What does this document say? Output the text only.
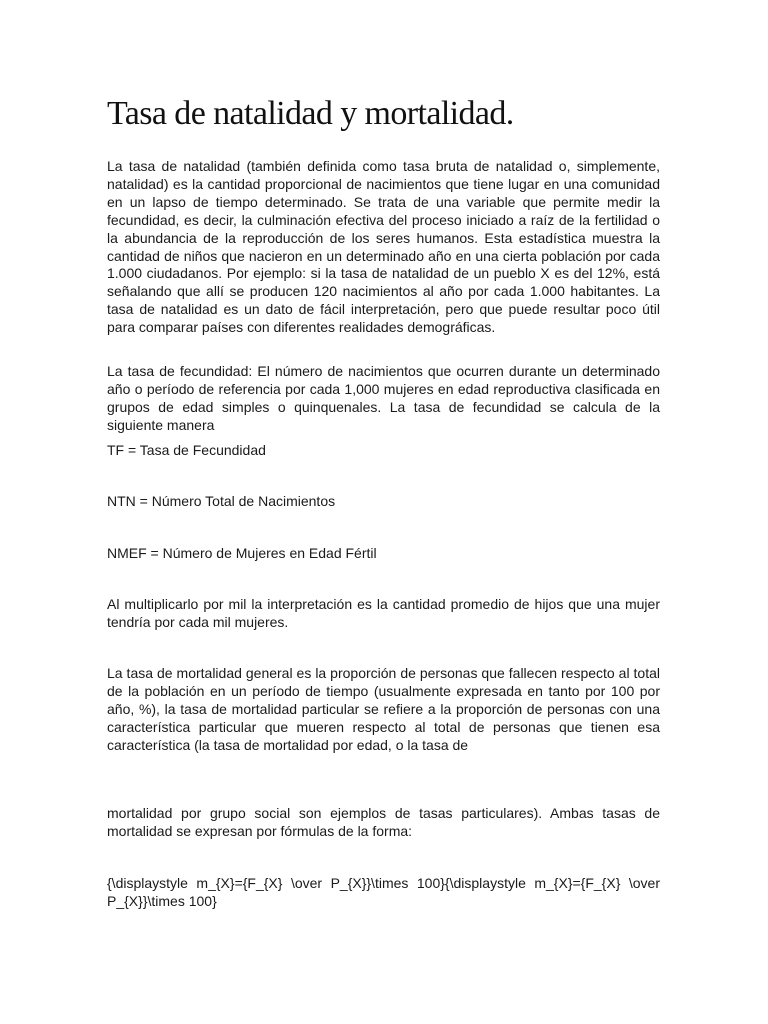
Tasa de natalidad y mortalidad.

La tasa de natalidad (también definida como tasa bruta de natalidad o, simplemente, natalidad) es la cantidad proporcional de nacimientos que tiene lugar en una comunidad en un lapso de tiempo determinado. Se trata de una variable que permite medir la fecundidad, es decir, la culminación efectiva del proceso iniciado a raíz de la fertilidad o la abundancia de la reproducción de los seres humanos. Esta estadística muestra la cantidad de niños que nacieron en un determinado año en una cierta población por cada 1.000 ciudadanos. Por ejemplo: si la tasa de natalidad de un pueblo X es del 12%, está señalando que allí se producen 120 nacimientos al año por cada 1.000 habitantes. La tasa de natalidad es un dato de fácil interpretación, pero que puede resultar poco útil para comparar países con diferentes realidades demográficas.

La tasa de fecundidad: El número de nacimientos que ocurren durante un determinado año o período de referencia por cada 1,000 mujeres en edad reproductiva clasificada en grupos de edad simples o quinquenales. La tasa de fecundidad se calcula de la siguiente manera

TF = Tasa de Fecundidad

NTN = Número Total de Nacimientos

NMEF = Número de Mujeres en Edad Fértil

Al multiplicarlo por mil la interpretación es la cantidad promedio de hijos que una mujer tendría por cada mil mujeres.

La tasa de mortalidad general es la proporción de personas que fallecen respecto al total de la población en un período de tiempo (usualmente expresada en tanto por 100 por año, %), la tasa de mortalidad particular se refiere a la proporción de personas con una característica particular que mueren respecto al total de personas que tienen esa característica (la tasa de mortalidad por edad, o la tasa de

mortalidad por grupo social son ejemplos de tasas particulares). Ambas tasas de mortalidad se expresan por fórmulas de la forma:

{\displaystyle m_{X}={F_{X} \over P_{X}}\times 100}{\displaystyle m_{X}={F_{X} \over P_{X}}\times 100}
